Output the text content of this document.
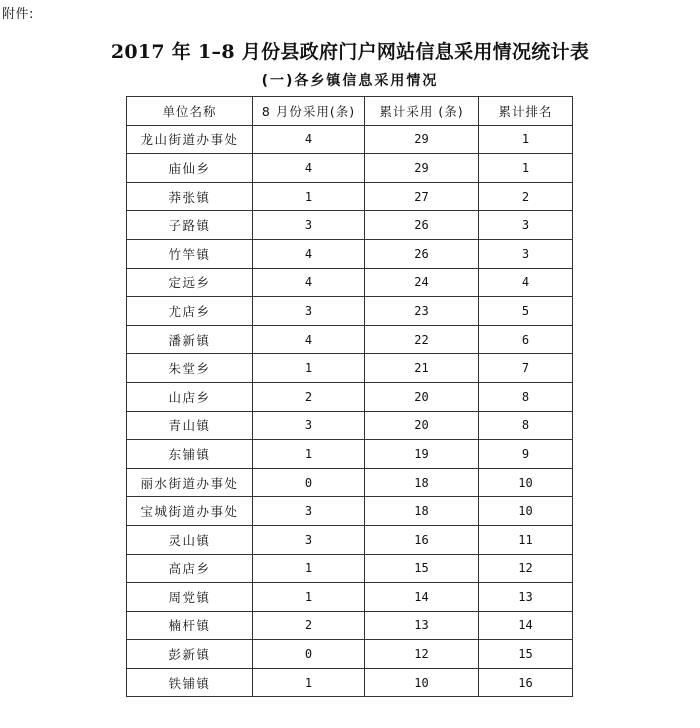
附件:
2017 年 1–8 月份县政府门户网站信息采用情况统计表
(一)各乡镇信息采用情况
单位名称	8 月份采用(条)	累计采用 (条)	累计排名
龙山街道办事处	4	29	1
庙仙乡	4	29	1
莽张镇	1	27	2
子路镇	3	26	3
竹竿镇	4	26	3
定远乡	4	24	4
尤店乡	3	23	5
潘新镇	4	22	6
朱堂乡	1	21	7
山店乡	2	20	8
青山镇	3	20	8
东铺镇	1	19	9
丽水街道办事处	0	18	10
宝城街道办事处	3	18	10
灵山镇	3	16	11
高店乡	1	15	12
周党镇	1	14	13
楠杆镇	2	13	14
彭新镇	0	12	15
铁铺镇	1	10	16
